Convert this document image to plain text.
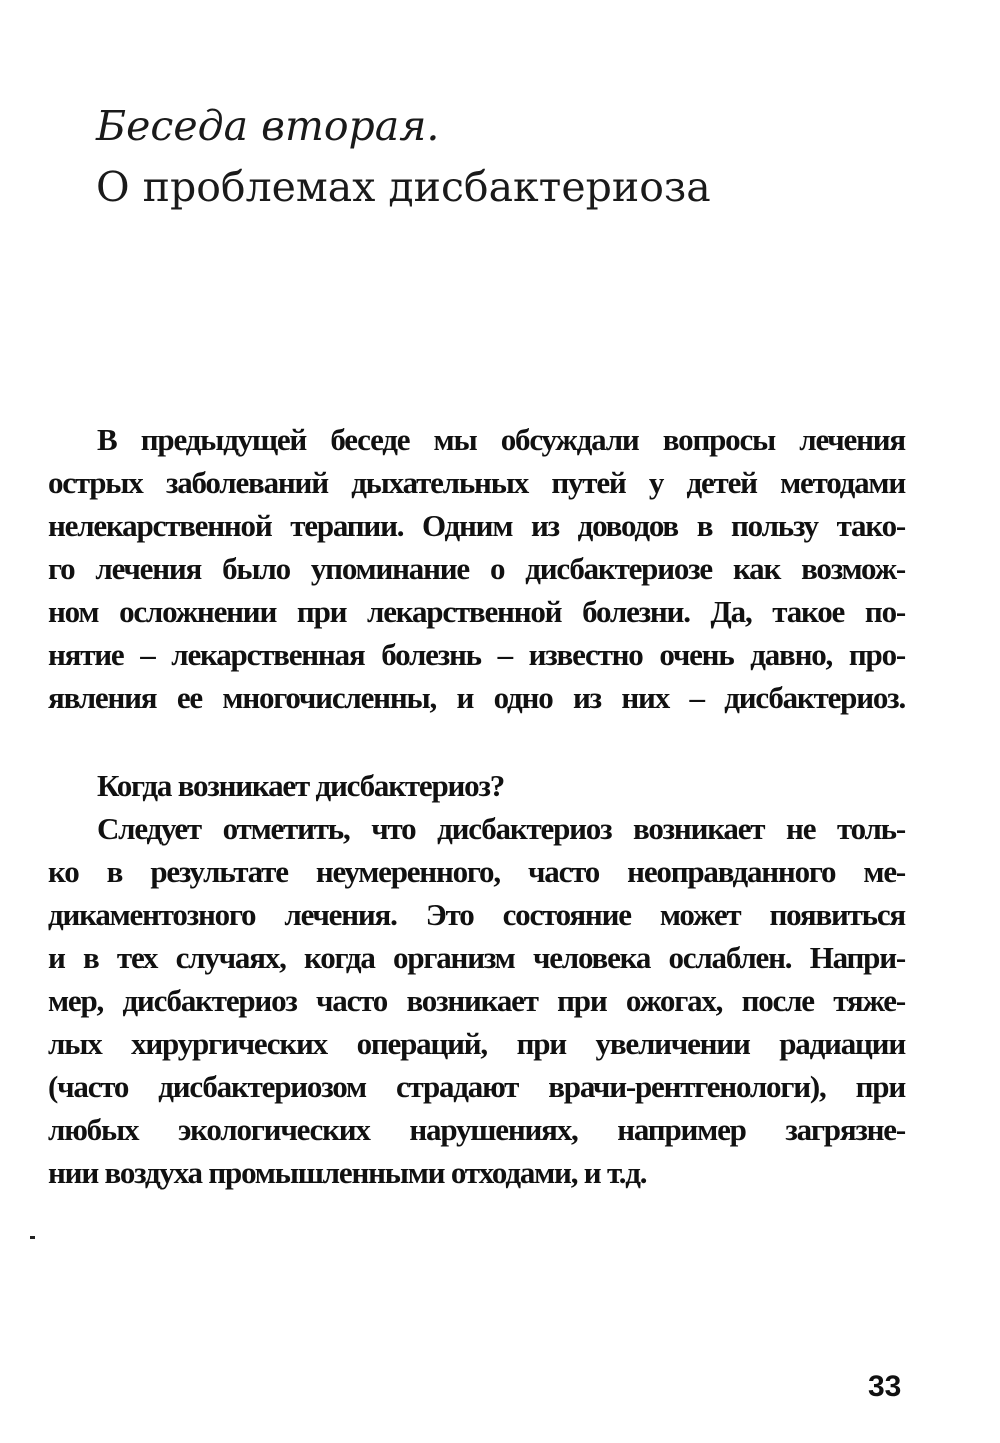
Беседа вторая.
О проблемах дисбактериоза
В предыдущей беседе мы обсуждали вопросы лечения
острых заболеваний дыхательных путей у детей методами
нелекарственной терапии. Одним из доводов в пользу тако-
го лечения было упоминание о дисбактериозе как возмож-
ном осложнении при лекарственной болезни. Да, такое по-
нятие – лекарственная болезнь – известно очень давно, про-
явления ее многочисленны, и одно из них – дисбактериоз.
Когда возникает дисбактериоз?
Следует отметить, что дисбактериоз возникает не толь-
ко в результате неумеренного, часто неоправданного ме-
дикаментозного лечения. Это состояние может появиться
и в тех случаях, когда организм человека ослаблен. Напри-
мер, дисбактериоз часто возникает при ожогах, после тяже-
лых хирургических операций, при увеличении радиации
(часто дисбактериозом страдают врачи-рентгенологи), при
любых экологических нарушениях, например загрязне-
нии воздуха промышленными отходами, и т.д.
33
